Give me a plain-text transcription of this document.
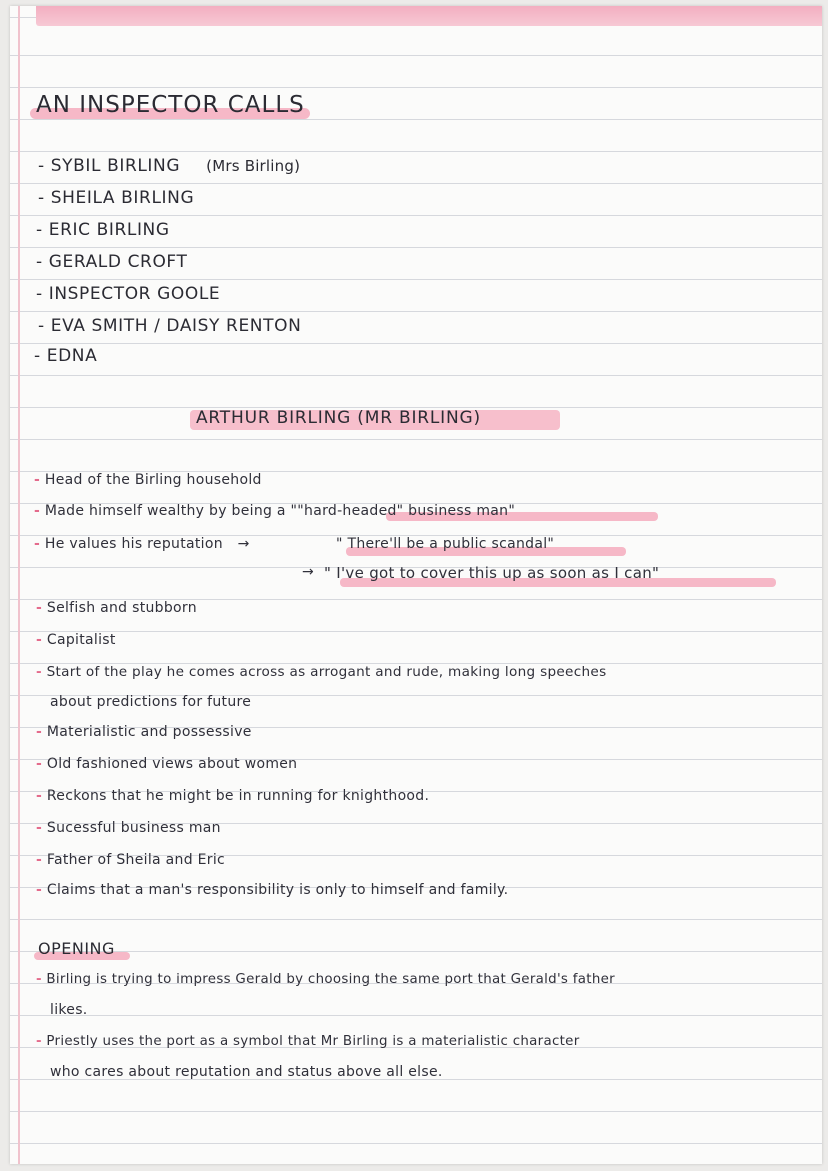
AN INSPECTOR CALLS
- SYBIL BIRLING (Mrs Birling)
- SHEILA BIRLING
- ERIC BIRLING
- GERALD CROFT
- INSPECTOR GOOLE
- EVA SMITH / DAISY RENTON
- EDNA
ARTHUR BIRLING (MR BIRLING)
- Head of the Birling household
- Made himself wealthy by being a ""hard-headed" business man"
- He values his reputation →	" There'll be a public scandal"
→ " I've got to cover this up as soon as I can"
- Selfish and stubborn
- Capitalist
- Start of the play he comes across as arrogant and rude, making long speeches
about predictions for future
- Materialistic and possessive
- Old fashioned views about women
- Reckons that he might be in running for knighthood.
- Sucessful business man
- Father of Sheila and Eric
- Claims that a man's responsibility is only to himself and family.
OPENING
- Birling is trying to impress Gerald by choosing the same port that Gerald's father
likes.
- Priestly uses the port as a symbol that Mr Birling is a materialistic character
who cares about reputation and status above all else.
